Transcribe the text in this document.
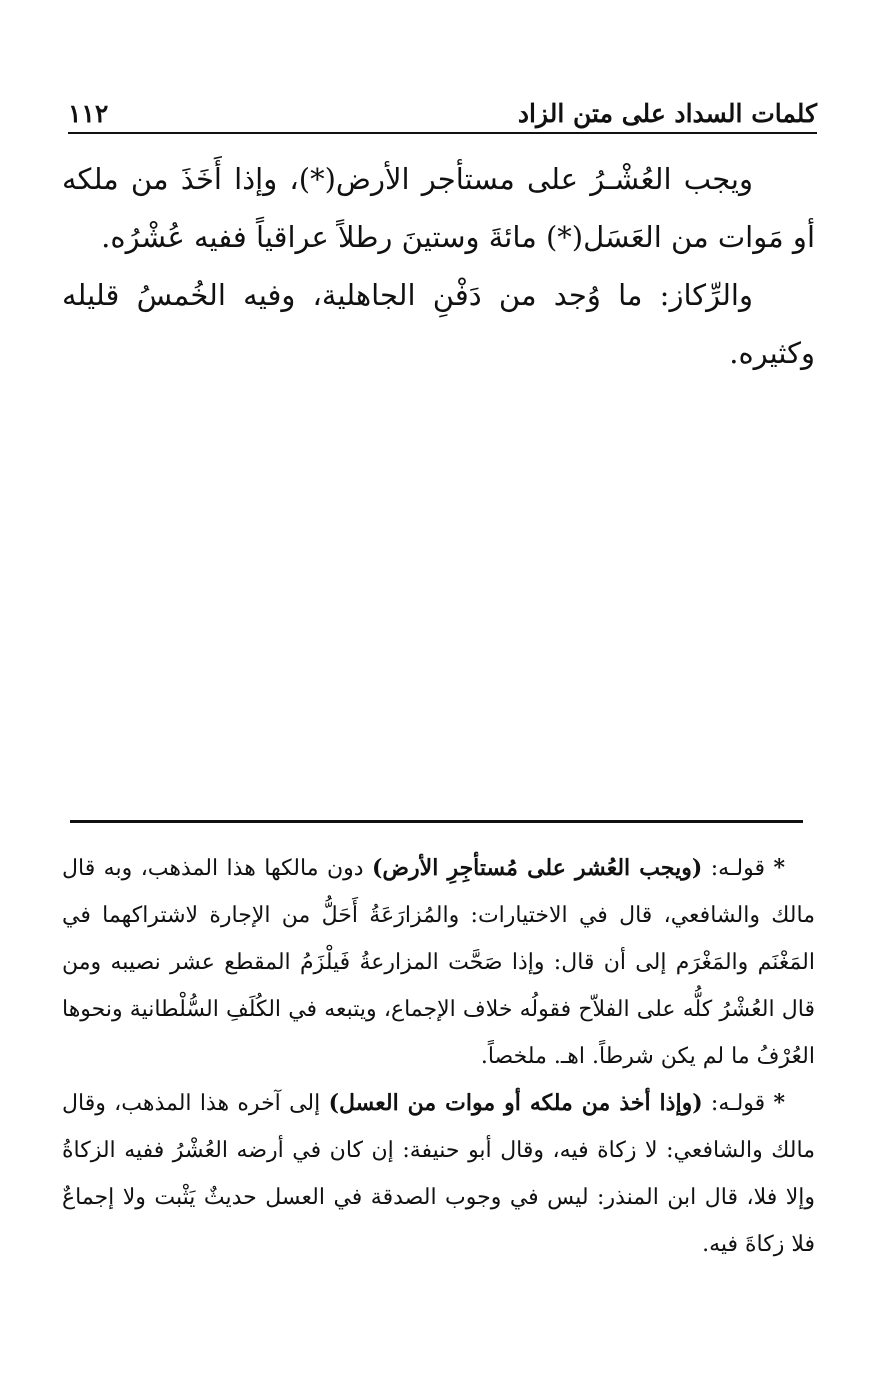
كلمات السداد على متن الزاد
١١٢

ويجب العُشْـرُ على مستأجر الأرض(*)، وإذا أَخَذَ من ملكه أو مَوات من العَسَل(*) مائةَ وستينَ رطلاً عراقياً ففيه عُشْرُه.

والرِّكاز: ما وُجد من دَفْنِ الجاهلية، وفيه الخُمسُ قليله وكثيره.

* قولـه: (ويجب العُشر على مُستأجِرِ الأرض) دون مالكها هذا المذهب، وبه قال مالك والشافعي، قال في الاختيارات: والمُزارَعَةُ أَحَلُّ من الإجارة لاشتراكهما في المَغْنَم والمَغْرَم إلى أن قال: وإذا صَحَّت المزارعةُ فَيلْزَمُ المقطع عشر نصيبه ومن قال العُشْرُ كلُّه على الفلاّح فقولُه خلاف الإجماع، ويتبعه في الكُلَفِ السُّلْطانية ونحوها العُرْفُ ما لم يكن شرطاً. اهـ. ملخصاً.

* قولـه: (وإذا أخذ من ملكه أو موات من العسل) إلى آخره هذا المذهب، وقال مالك والشافعي: لا زكاة فيه، وقال أبو حنيفة: إن كان في أرضه العُشْرُ ففيه الزكاةُ وإلا فلا، قال ابن المنذر: ليس في وجوب الصدقة في العسل حديثٌ يَثْبت ولا إجماعٌ فلا زكاةَ فيه.
